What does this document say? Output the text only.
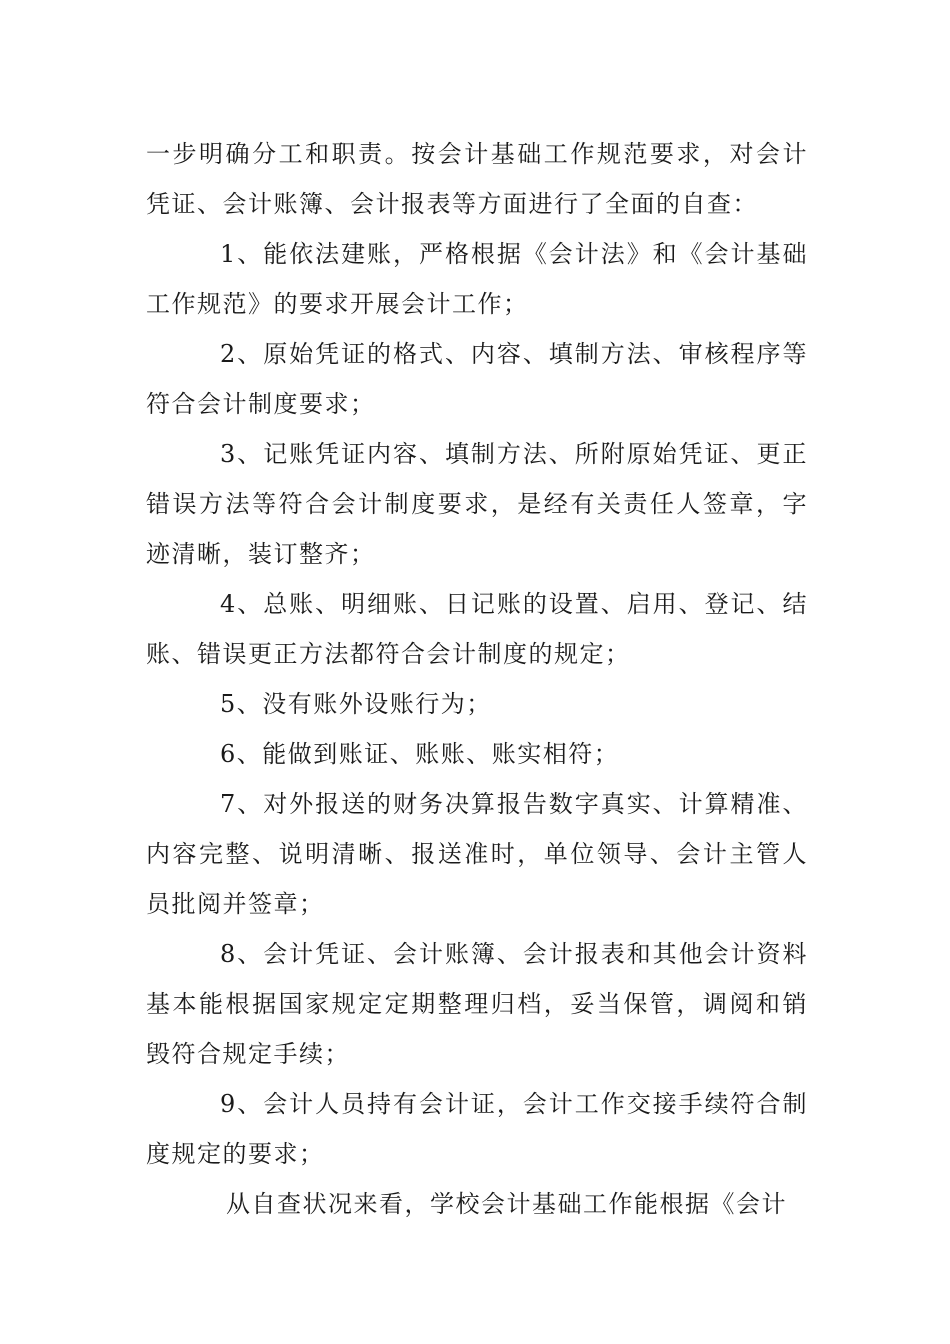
一步明确分工和职责。按会计基础工作规范要求，对会计凭证、会计账簿、会计报表等方面进行了全面的自查：

1、能依法建账，严格根据《会计法》和《会计基础工作规范》的要求开展会计工作；

2、原始凭证的格式、内容、填制方法、审核程序等符合会计制度要求；

3、记账凭证内容、填制方法、所附原始凭证、更正错误方法等符合会计制度要求，是经有关责任人签章，字迹清晰，装订整齐；

4、总账、明细账、日记账的设置、启用、登记、结账、错误更正方法都符合会计制度的规定；

5、没有账外设账行为；

6、能做到账证、账账、账实相符；

7、对外报送的财务决算报告数字真实、计算精准、内容完整、说明清晰、报送准时，单位领导、会计主管人员批阅并签章；

8、会计凭证、会计账簿、会计报表和其他会计资料基本能根据国家规定定期整理归档，妥当保管，调阅和销毁符合规定手续；

9、会计人员持有会计证，会计工作交接手续符合制度规定的要求；

从自查状况来看，学校会计基础工作能根据《会计
